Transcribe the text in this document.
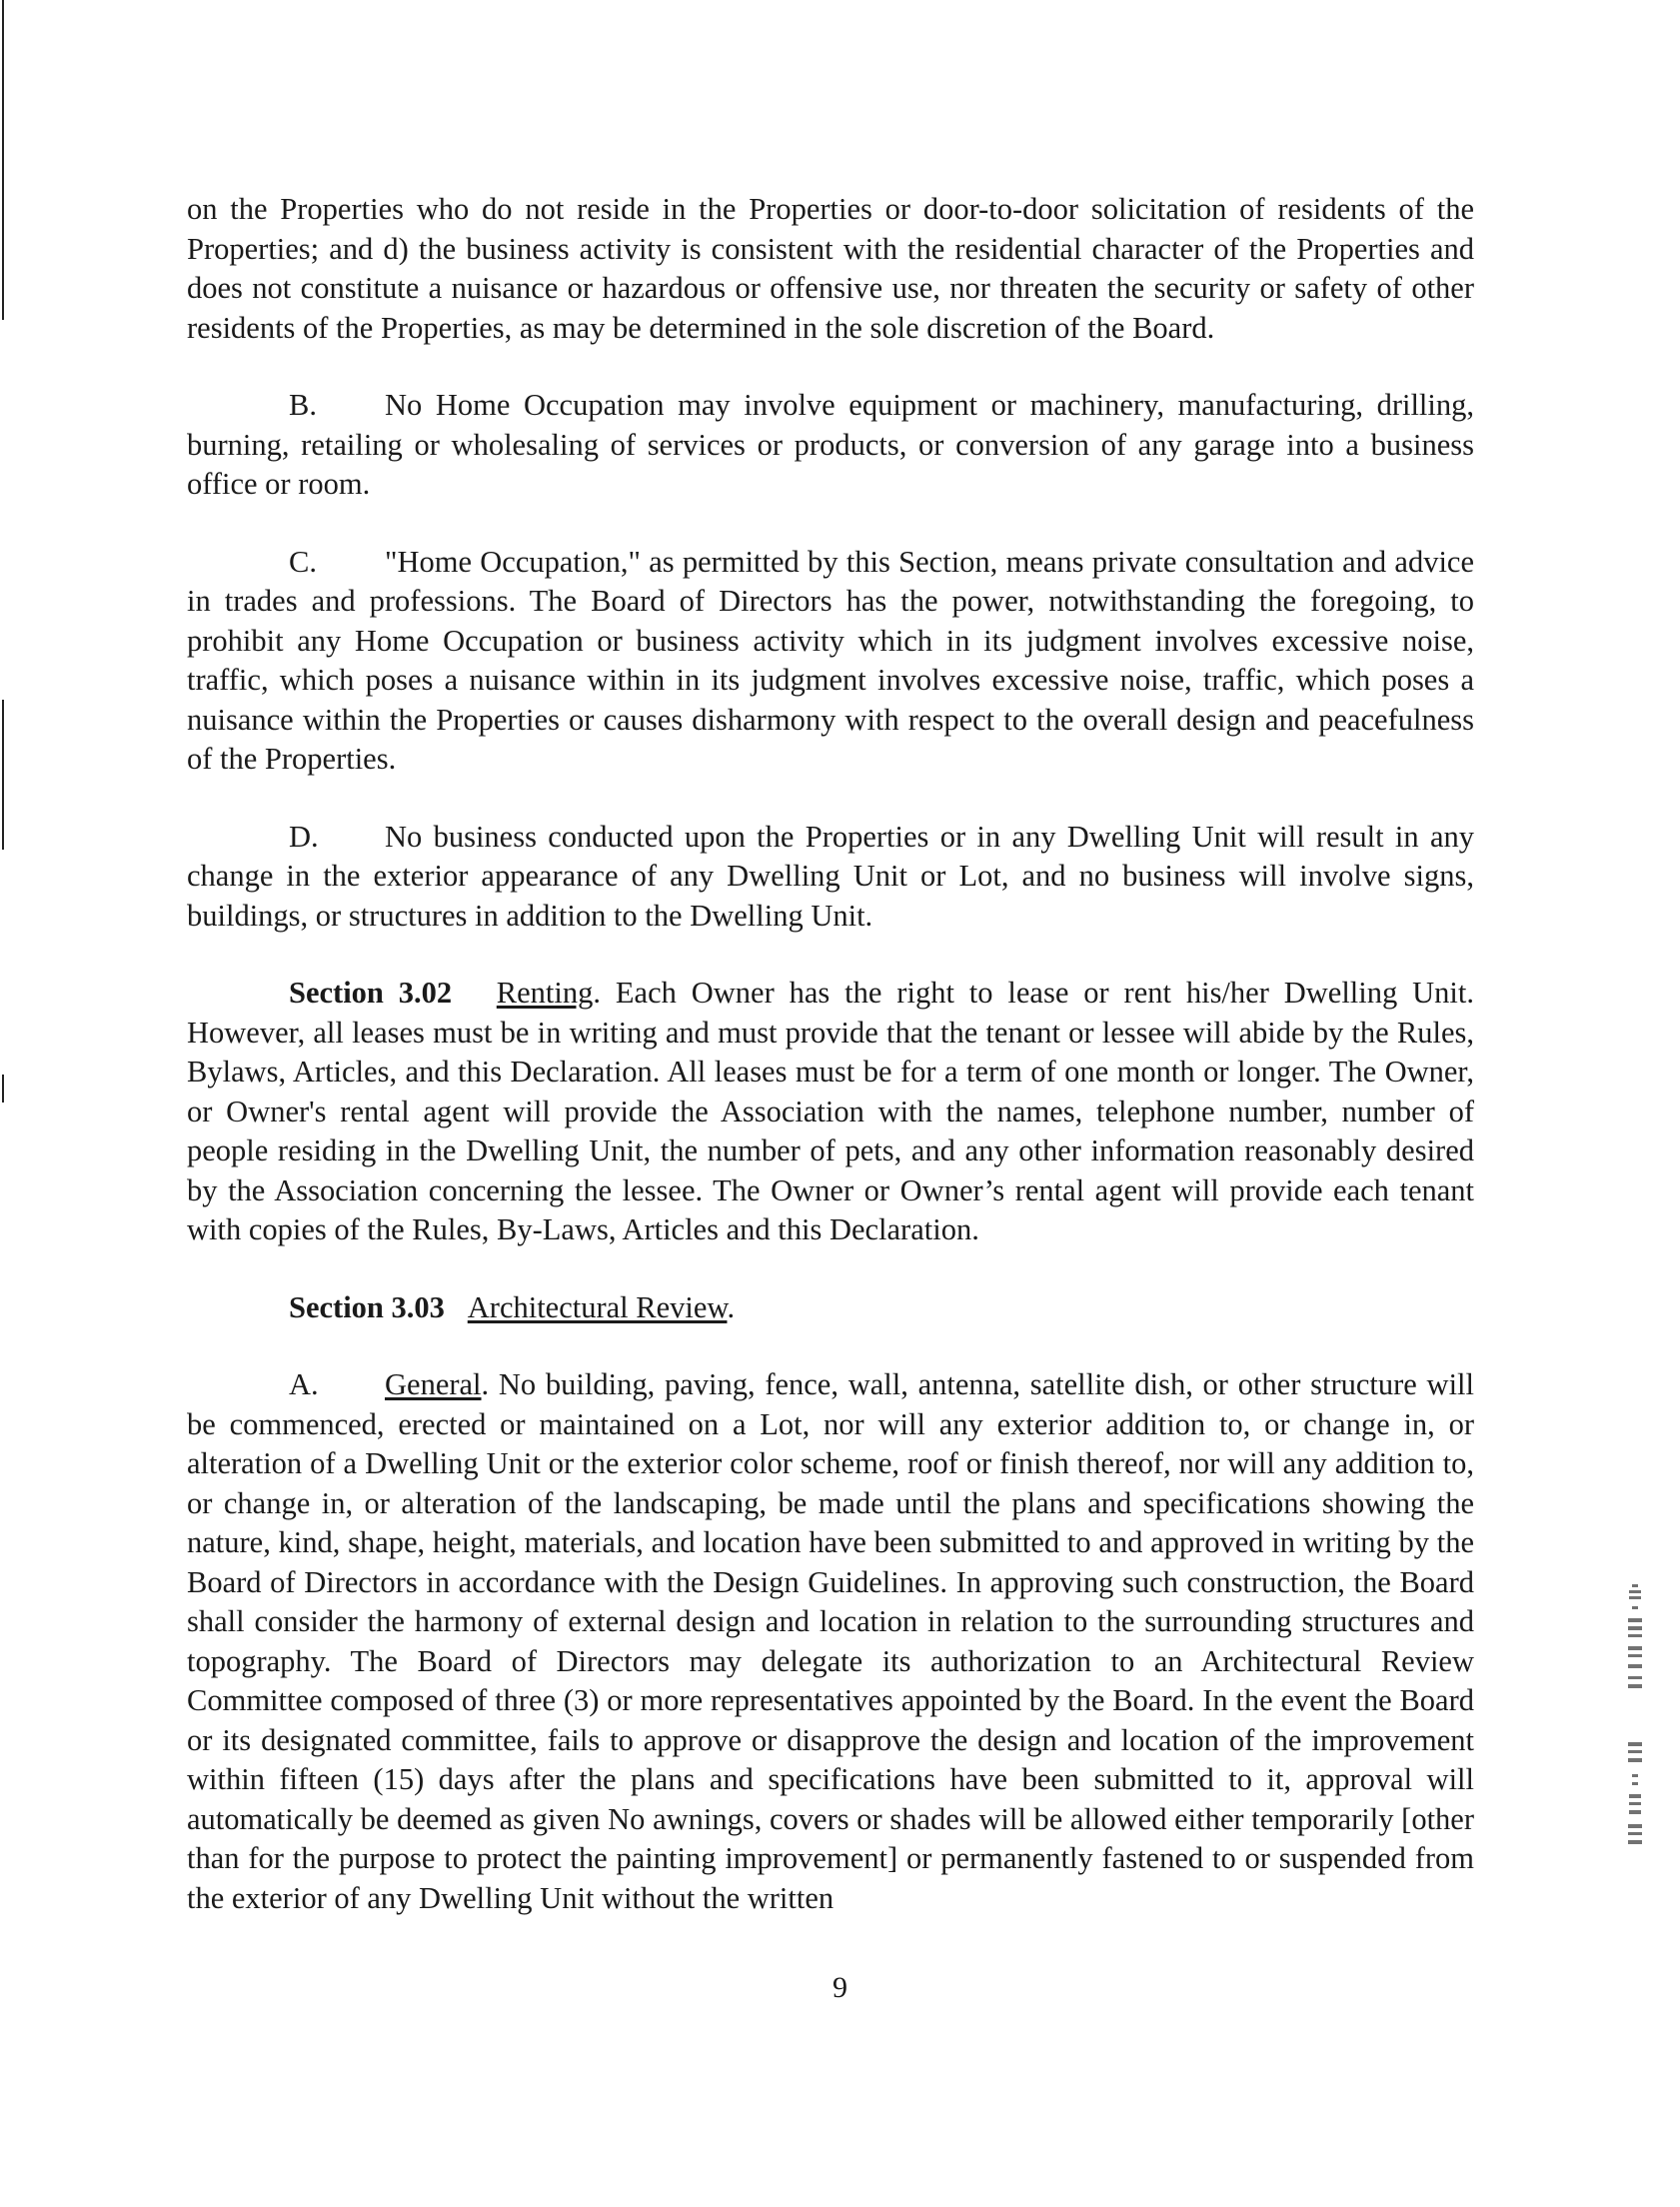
on the Properties who do not reside in the Properties or door-to-door solicitation of residents of the Properties; and d) the business activity is consistent with the residential character of the Properties and does not constitute a nuisance or hazardous or offensive use, nor threaten the security or safety of other residents of the Properties, as may be determined in the sole discretion of the Board.

B. No Home Occupation may involve equipment or machinery, manufacturing, drilling, burning, retailing or wholesaling of services or products, or conversion of any garage into a business office or room.

C. "Home Occupation," as permitted by this Section, means private consultation and advice in trades and professions. The Board of Directors has the power, notwithstanding the foregoing, to prohibit any Home Occupation or business activity which in its judgment involves excessive noise, traffic, which poses a nuisance within in its judgment involves excessive noise, traffic, which poses a nuisance within the Properties or causes disharmony with respect to the overall design and peacefulness of the Properties.

D. No business conducted upon the Properties or in any Dwelling Unit will result in any change in the exterior appearance of any Dwelling Unit or Lot, and no business will involve signs, buildings, or structures in addition to the Dwelling Unit.

Section 3.02 Renting. Each Owner has the right to lease or rent his/her Dwelling Unit. However, all leases must be in writing and must provide that the tenant or lessee will abide by the Rules, Bylaws, Articles, and this Declaration. All leases must be for a term of one month or longer. The Owner, or Owner's rental agent will provide the Association with the names, telephone number, number of people residing in the Dwelling Unit, the number of pets, and any other information reasonably desired by the Association concerning the lessee. The Owner or Owner’s rental agent will provide each tenant with copies of the Rules, By-Laws, Articles and this Declaration.

Section 3.03 Architectural Review.

A. General. No building, paving, fence, wall, antenna, satellite dish, or other structure will be commenced, erected or maintained on a Lot, nor will any exterior addition to, or change in, or alteration of a Dwelling Unit or the exterior color scheme, roof or finish thereof, nor will any addition to, or change in, or alteration of the landscaping, be made until the plans and specifications showing the nature, kind, shape, height, materials, and location have been submitted to and approved in writing by the Board of Directors in accordance with the Design Guidelines. In approving such construction, the Board shall consider the harmony of external design and location in relation to the surrounding structures and topography. The Board of Directors may delegate its authorization to an Architectural Review Committee composed of three (3) or more representatives appointed by the Board. In the event the Board or its designated committee, fails to approve or disapprove the design and location of the improvement within fifteen (15) days after the plans and specifications have been submitted to it, approval will automatically be deemed as given No awnings, covers or shades will be allowed either temporarily [other than for the purpose to protect the painting improvement] or permanently fastened to or suspended from the exterior of any Dwelling Unit without the written

9
